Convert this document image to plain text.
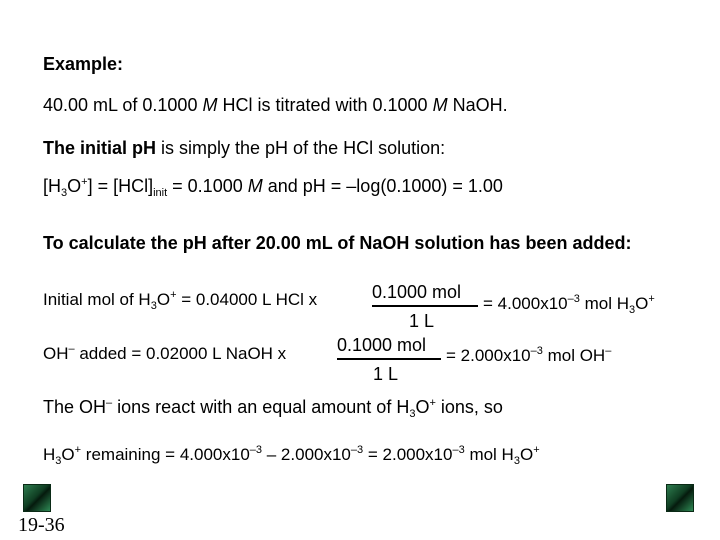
Example:
40.00 mL of 0.1000 M HCl is titrated with 0.1000 M NaOH.
The initial pH is simply the pH of the HCl solution:
$[H_3O^+] = [HCl]_{init} = 0.1000$ M and pH = –log(0.1000) = 1.00
To calculate the pH after 20.00 mL of NaOH solution has been added:
Initial mol of $H_3O^+ = 0.04000$ L HCl x	0.1000 mol
1 L
= $4.000x10^{-3}$ mol $H_3O^+$
OH– added = 0.02000 L NaOH x	0.1000 mol
1 L
= $2.000x10^{-3}$ mol OH–
The OH– ions react with an equal amount of $H_3O^+$ ions, so
$H_3O^+$ remaining = $4.000x10^{-3} - 2.000x10^{-3} = 2.000x10^{-3}$ mol $H_3O^+$
19-36
